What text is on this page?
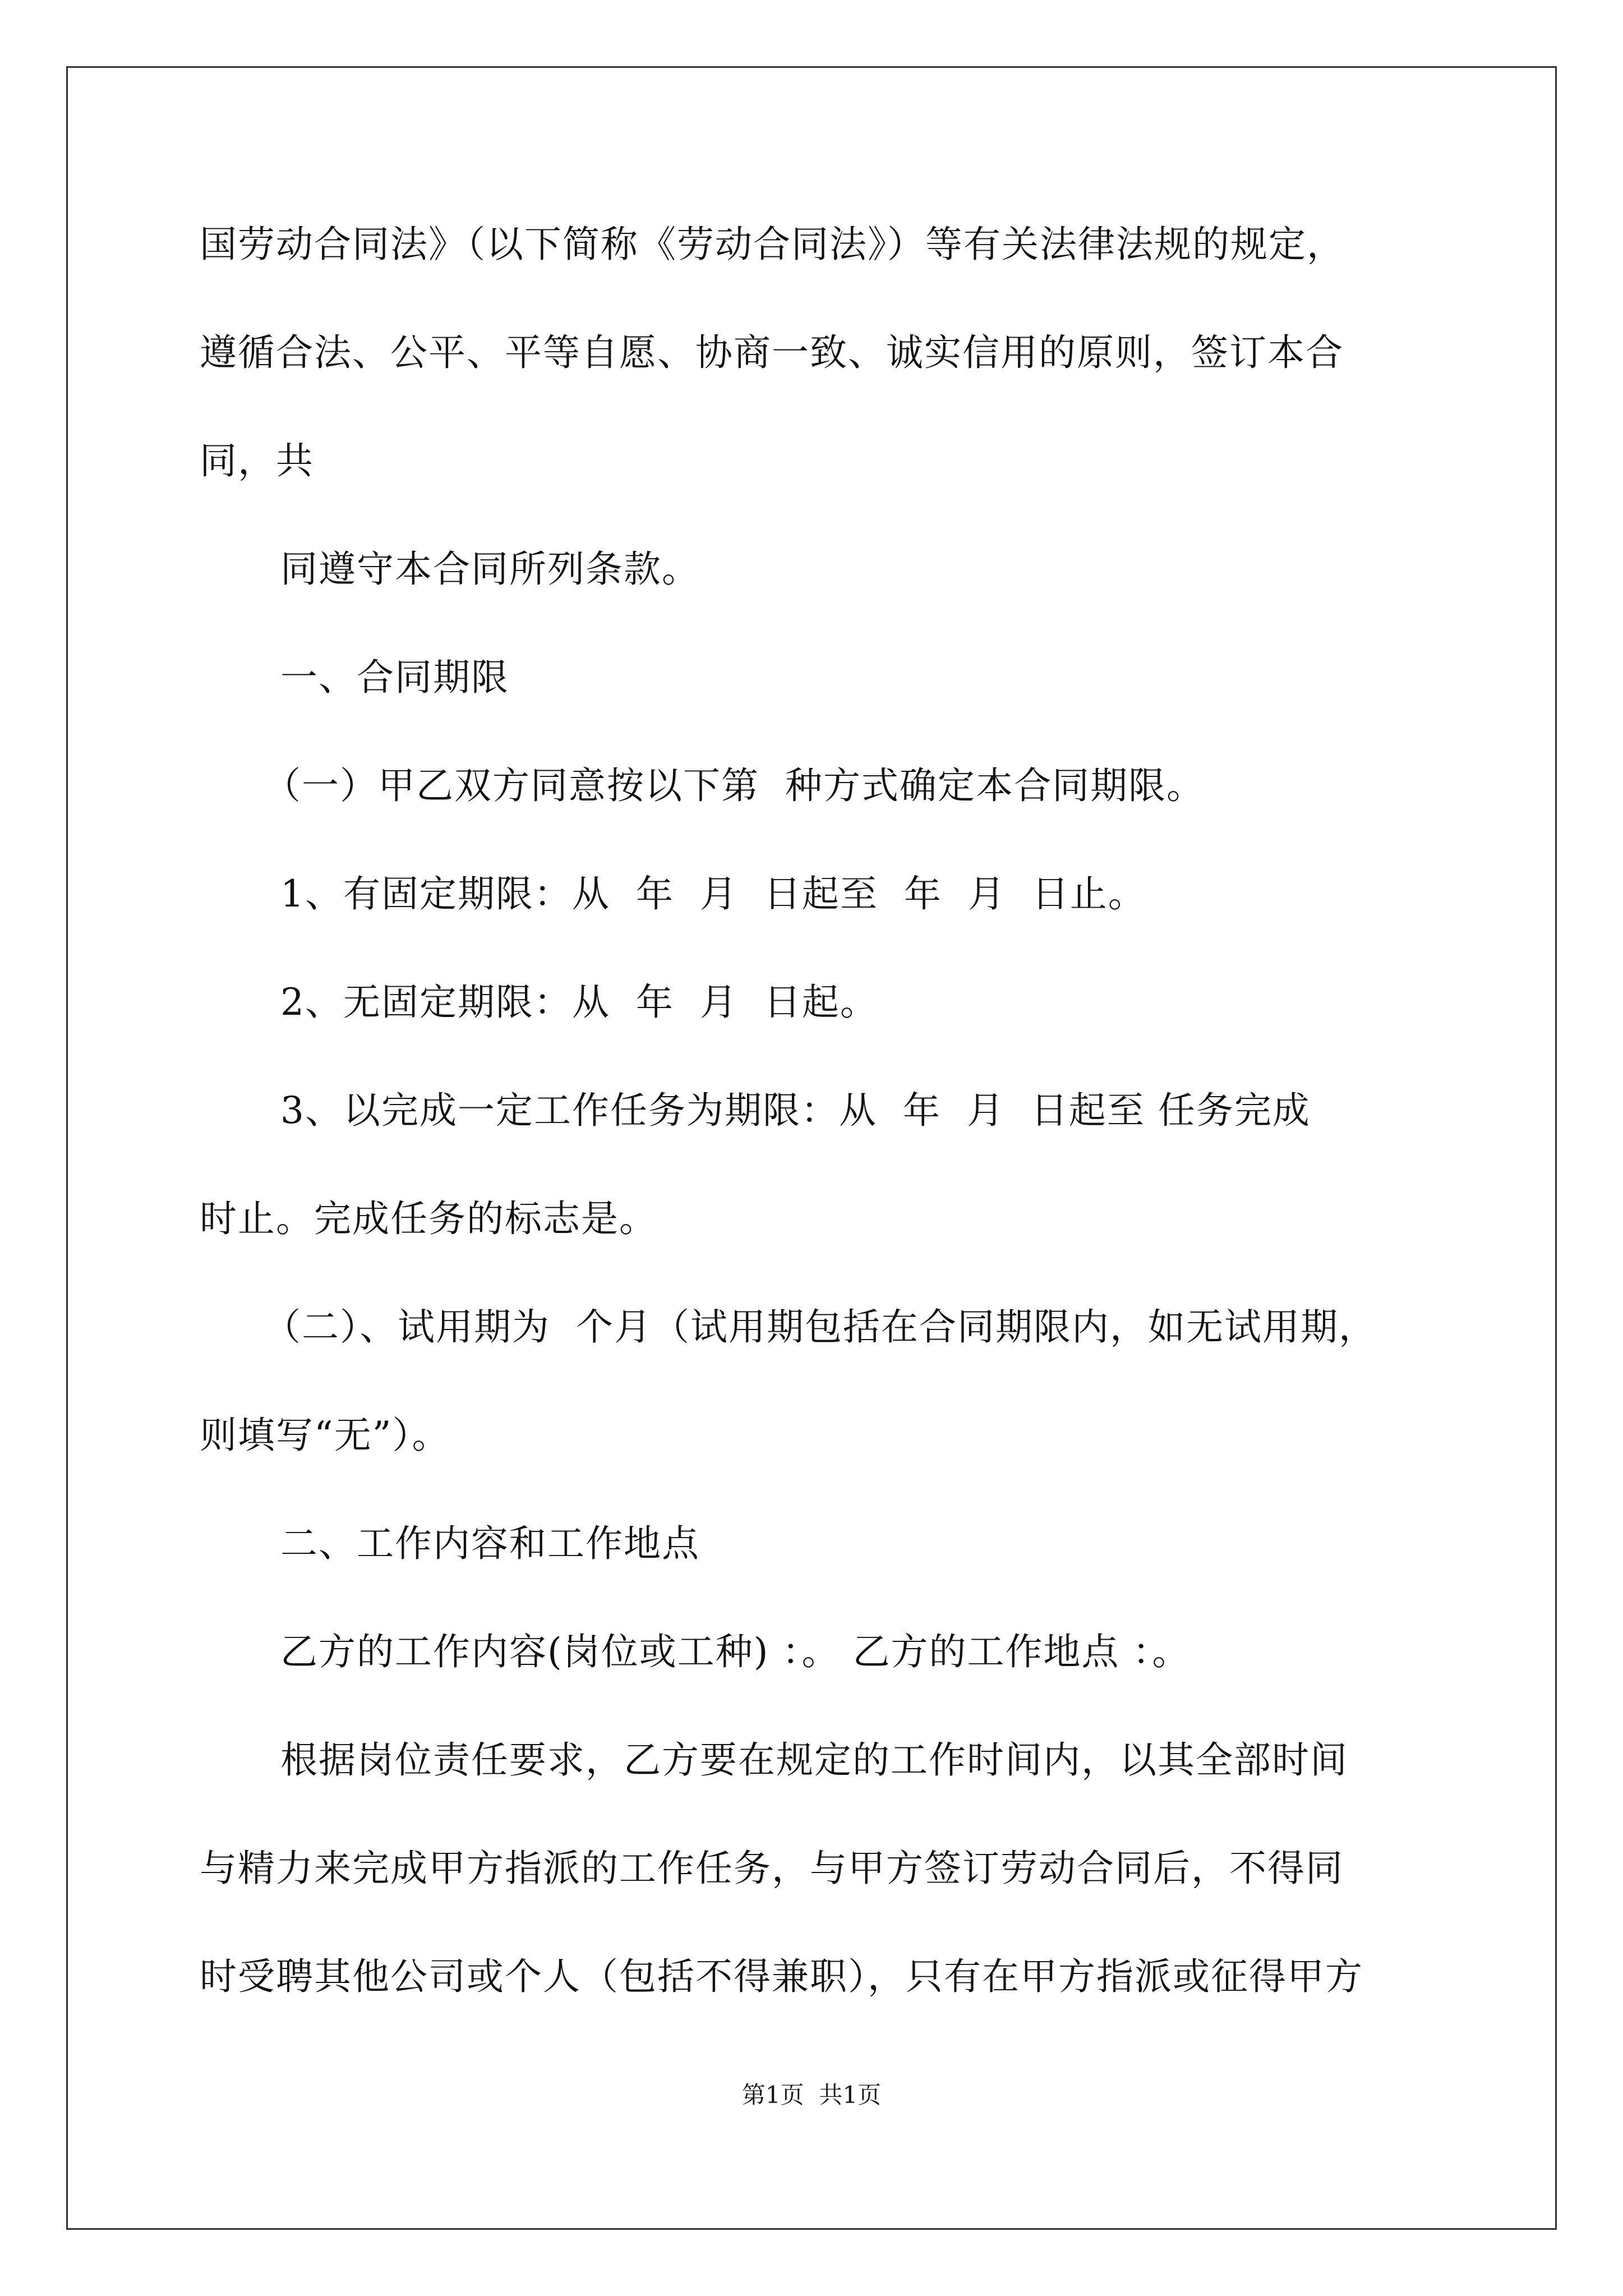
国劳动合同法》（以下简称《劳动合同法》）等有关法律法规的规定，
遵循合法、公平、平等自愿、协商一致、诚实信用的原则，签订本合
同，共
同遵守本合同所列条款。
一、合同期限
（一）甲乙双方同意按以下第  种方式确定本合同期限。
1、有固定期限：从  年  月  日起至  年  月  日止。
2、无固定期限：从  年  月  日起。
3、以完成一定工作任务为期限：从  年  月  日起至 任务完成
时止。完成任务的标志是。
（二）、试用期为  个月（试用期包括在合同期限内，如无试用期，
则填写“无”）。
二、工作内容和工作地点
乙方的工作内容(岗位或工种) ：。 乙方的工作地点 ：。
根据岗位责任要求，乙方要在规定的工作时间内，以其全部时间
与精力来完成甲方指派的工作任务，与甲方签订劳动合同后，不得同
时受聘其他公司或个人（包括不得兼职），只有在甲方指派或征得甲方
第1页  共1页
